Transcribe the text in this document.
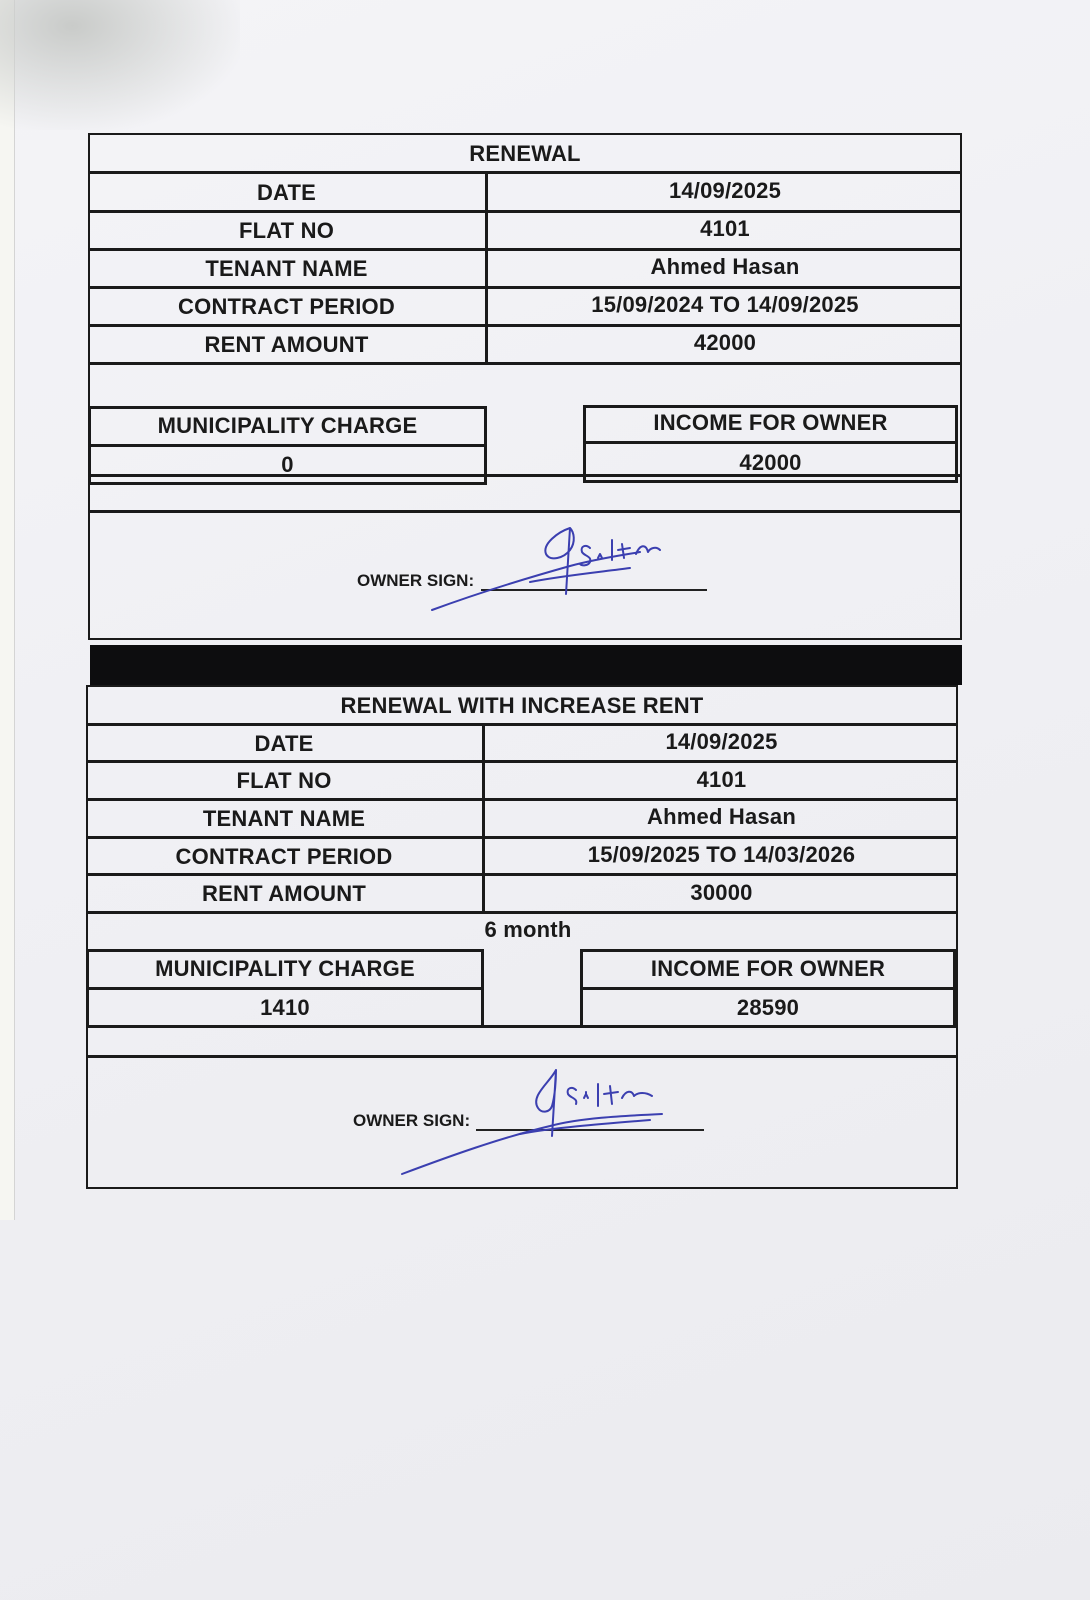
RENEWAL
DATE	14/09/2025
FLAT NO	4101
TENANT NAME	Ahmed Hasan
CONTRACT PERIOD	15/09/2024 TO 14/09/2025
RENT AMOUNT	42000
MUNICIPALITY CHARGE
0
INCOME FOR OWNER
42000
OWNER SIGN:
RENEWAL WITH INCREASE RENT
DATE	14/09/2025
FLAT NO	4101
TENANT NAME	Ahmed Hasan
CONTRACT PERIOD	15/09/2025 TO 14/03/2026
RENT AMOUNT	30000
6 month
MUNICIPALITY CHARGE
1410
INCOME FOR OWNER
28590
OWNER SIGN:
